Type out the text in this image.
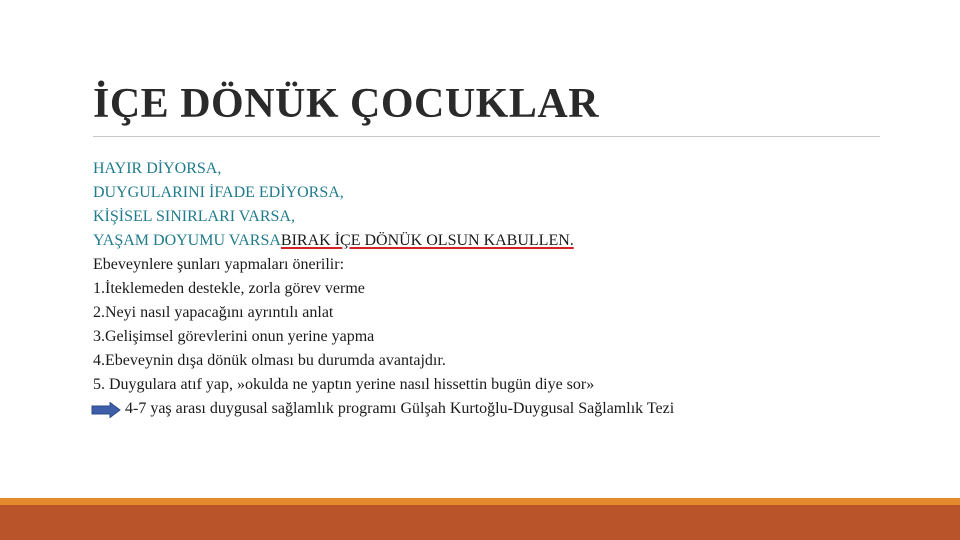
İÇE DÖNÜK ÇOCUKLAR
HAYIR DİYORSA,
DUYGULARINI İFADE EDİYORSA,
KİŞİSEL SINIRLARI VARSA,
YAŞAM DOYUMU VARSABIRAK İÇE DÖNÜK OLSUN KABULLEN.
Ebeveynlere şunları yapmaları önerilir:
1.İteklemeden destekle, zorla görev verme
2.Neyi nasıl yapacağını ayrıntılı anlat
3.Gelişimsel görevlerini onun yerine yapma
4.Ebeveynin dışa dönük olması bu durumda avantajdır.
5. Duygulara atıf yap, »okulda ne yaptın yerine nasıl hissettin bugün diye sor»
4-7 yaş arası duygusal sağlamlık programı Gülşah Kurtoğlu-Duygusal Sağlamlık Tezi
